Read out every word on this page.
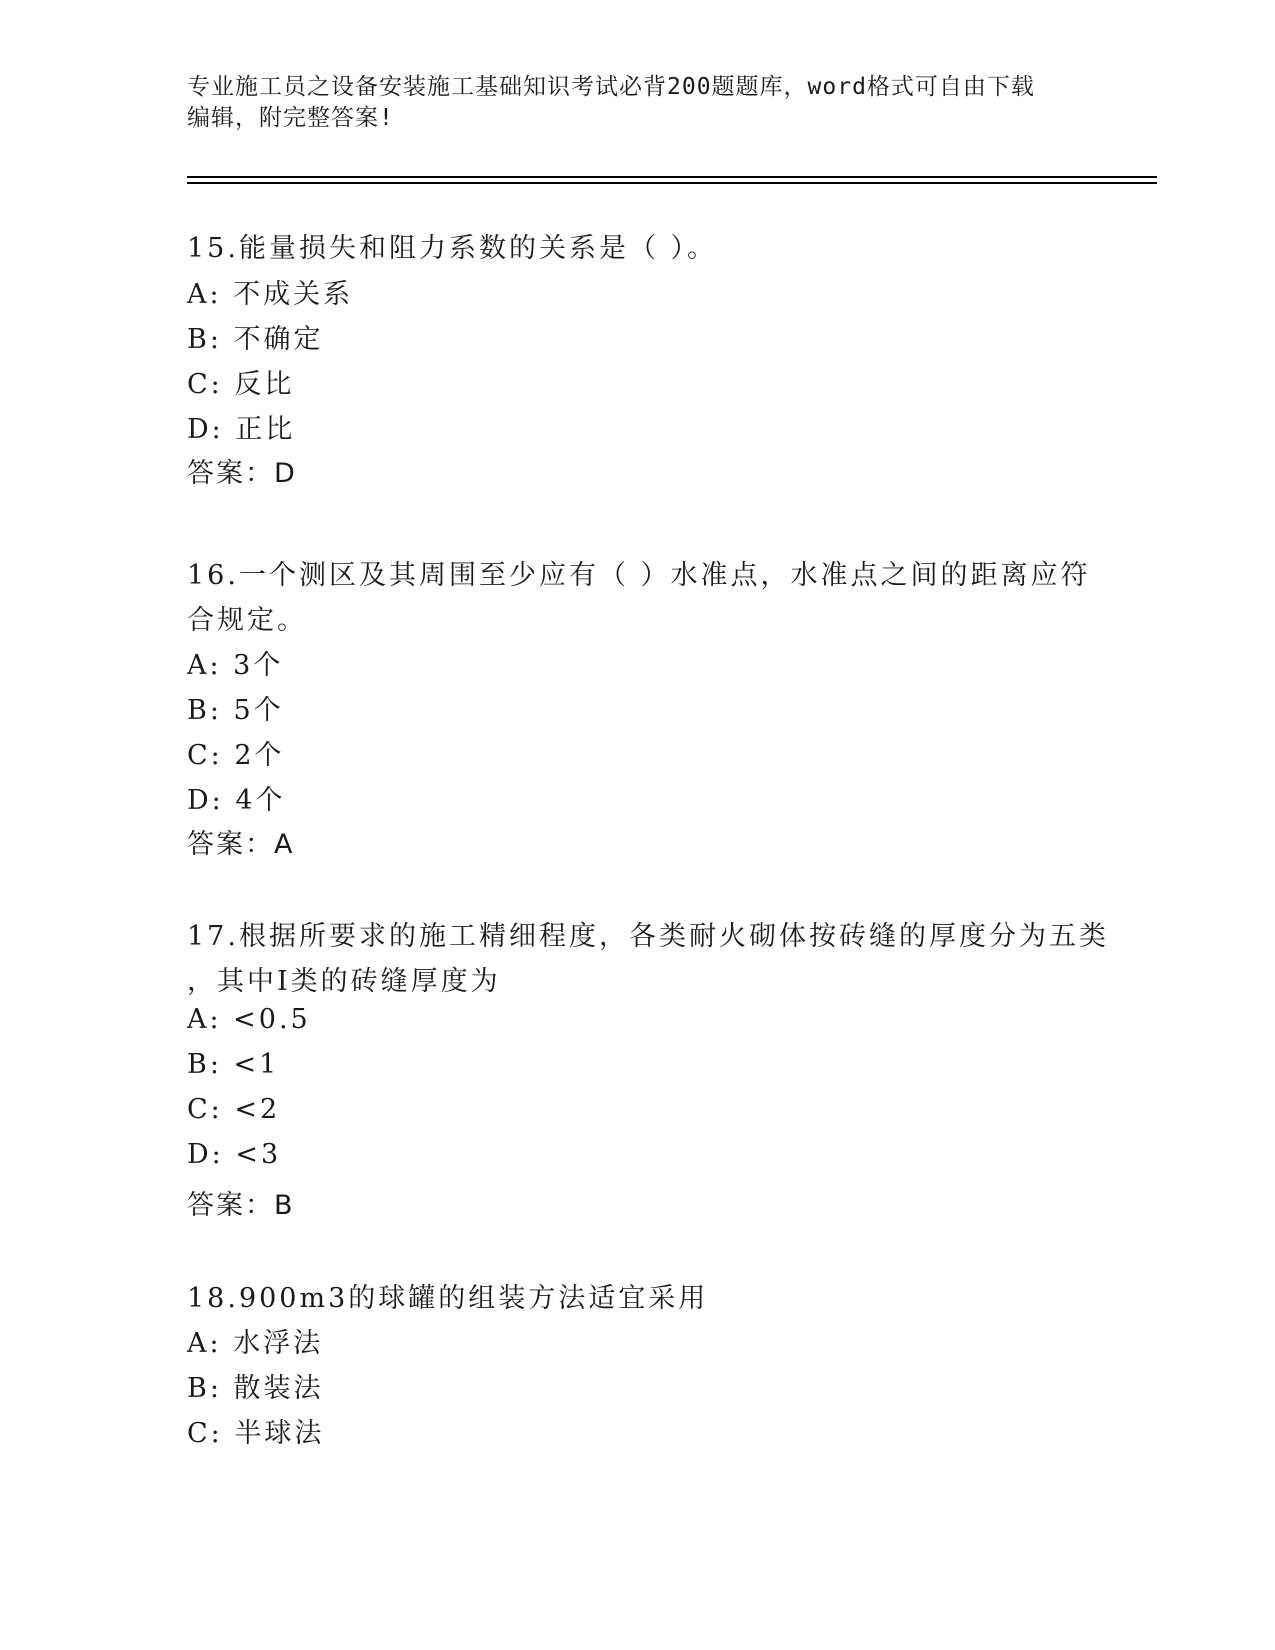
专业施工员之设备安装施工基础知识考试必背200题题库，word格式可自由下载
编辑，附完整答案!
15.能量损失和阻力系数的关系是（ ）。
A: 不成关系
B: 不确定
C: 反比
D: 正比
答案：D
16.一个测区及其周围至少应有（ ）水准点，水准点之间的距离应符
合规定。
A: 3个
B: 5个
C: 2个
D: 4个
答案：A
17.根据所要求的施工精细程度，各类耐火砌体按砖缝的厚度分为五类
，其中Ⅰ类的砖缝厚度为
A: <0.5
B: <1
C: <2
D: <3
答案：B
18.900m3的球罐的组装方法适宜采用
A: 水浮法
B: 散装法
C: 半球法
